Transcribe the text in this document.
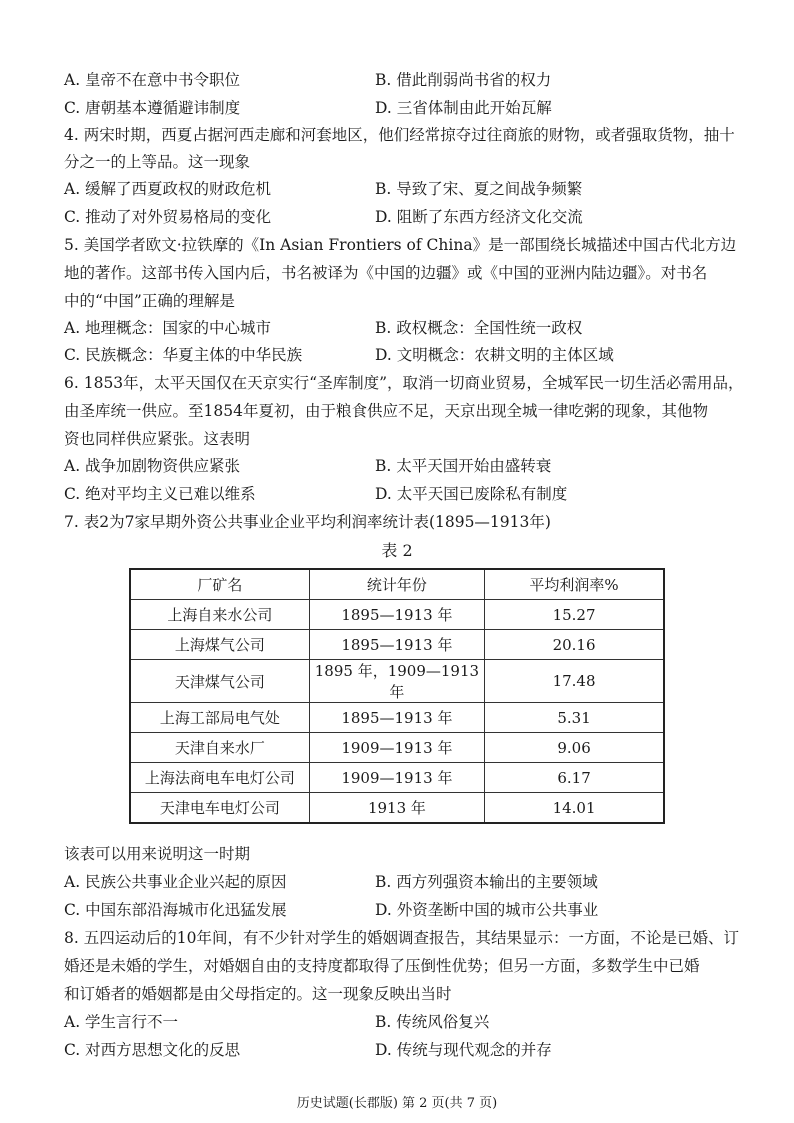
A. 皇帝不在意中书令职位	B. 借此削弱尚书省的权力
C. 唐朝基本遵循避讳制度	D. 三省体制由此开始瓦解
4. 两宋时期，西夏占据河西走廊和河套地区，他们经常掠夺过往商旅的财物，或者强取货物，抽十
分之一的上等品。这一现象
A. 缓解了西夏政权的财政危机	B. 导致了宋、夏之间战争频繁
C. 推动了对外贸易格局的变化	D. 阻断了东西方经济文化交流
5. 美国学者欧文·拉铁摩的《In Asian Frontiers of China》是一部围绕长城描述中国古代北方边
地的著作。这部书传入国内后，书名被译为《中国的边疆》或《中国的亚洲内陆边疆》。对书名
中的“中国”正确的理解是
A. 地理概念：国家的中心城市	B. 政权概念：全国性统一政权
C. 民族概念：华夏主体的中华民族	D. 文明概念：农耕文明的主体区域
6. 1853年，太平天国仅在天京实行“圣库制度”，取消一切商业贸易，全城军民一切生活必需用品，
由圣库统一供应。至1854年夏初，由于粮食供应不足，天京出现全城一律吃粥的现象，其他物
资也同样供应紧张。这表明
A. 战争加剧物资供应紧张	B. 太平天国开始由盛转衰
C. 绝对平均主义已难以维系	D. 太平天国已废除私有制度
7. 表2为7家早期外资公共事业企业平均利润率统计表(1895—1913年)
表 2
厂矿名	统计年份	平均利润率%
上海自来水公司	1895—1913 年	15.27
上海煤气公司	1895—1913 年	20.16
天津煤气公司	1895 年，1909—1913 年	17.48
上海工部局电气处	1895—1913 年	5.31
天津自来水厂	1909—1913 年	9.06
上海法商电车电灯公司	1909—1913 年	6.17
天津电车电灯公司	1913 年	14.01
该表可以用来说明这一时期
A. 民族公共事业企业兴起的原因	B. 西方列强资本输出的主要领域
C. 中国东部沿海城市化迅猛发展	D. 外资垄断中国的城市公共事业
8. 五四运动后的10年间，有不少针对学生的婚姻调查报告，其结果显示：一方面，不论是已婚、订
婚还是未婚的学生，对婚姻自由的支持度都取得了压倒性优势；但另一方面，多数学生中已婚
和订婚者的婚姻都是由父母指定的。这一现象反映出当时
A. 学生言行不一	B. 传统风俗复兴
C. 对西方思想文化的反思	D. 传统与现代观念的并存
历史试题(长郡版) 第 2 页(共 7 页)
